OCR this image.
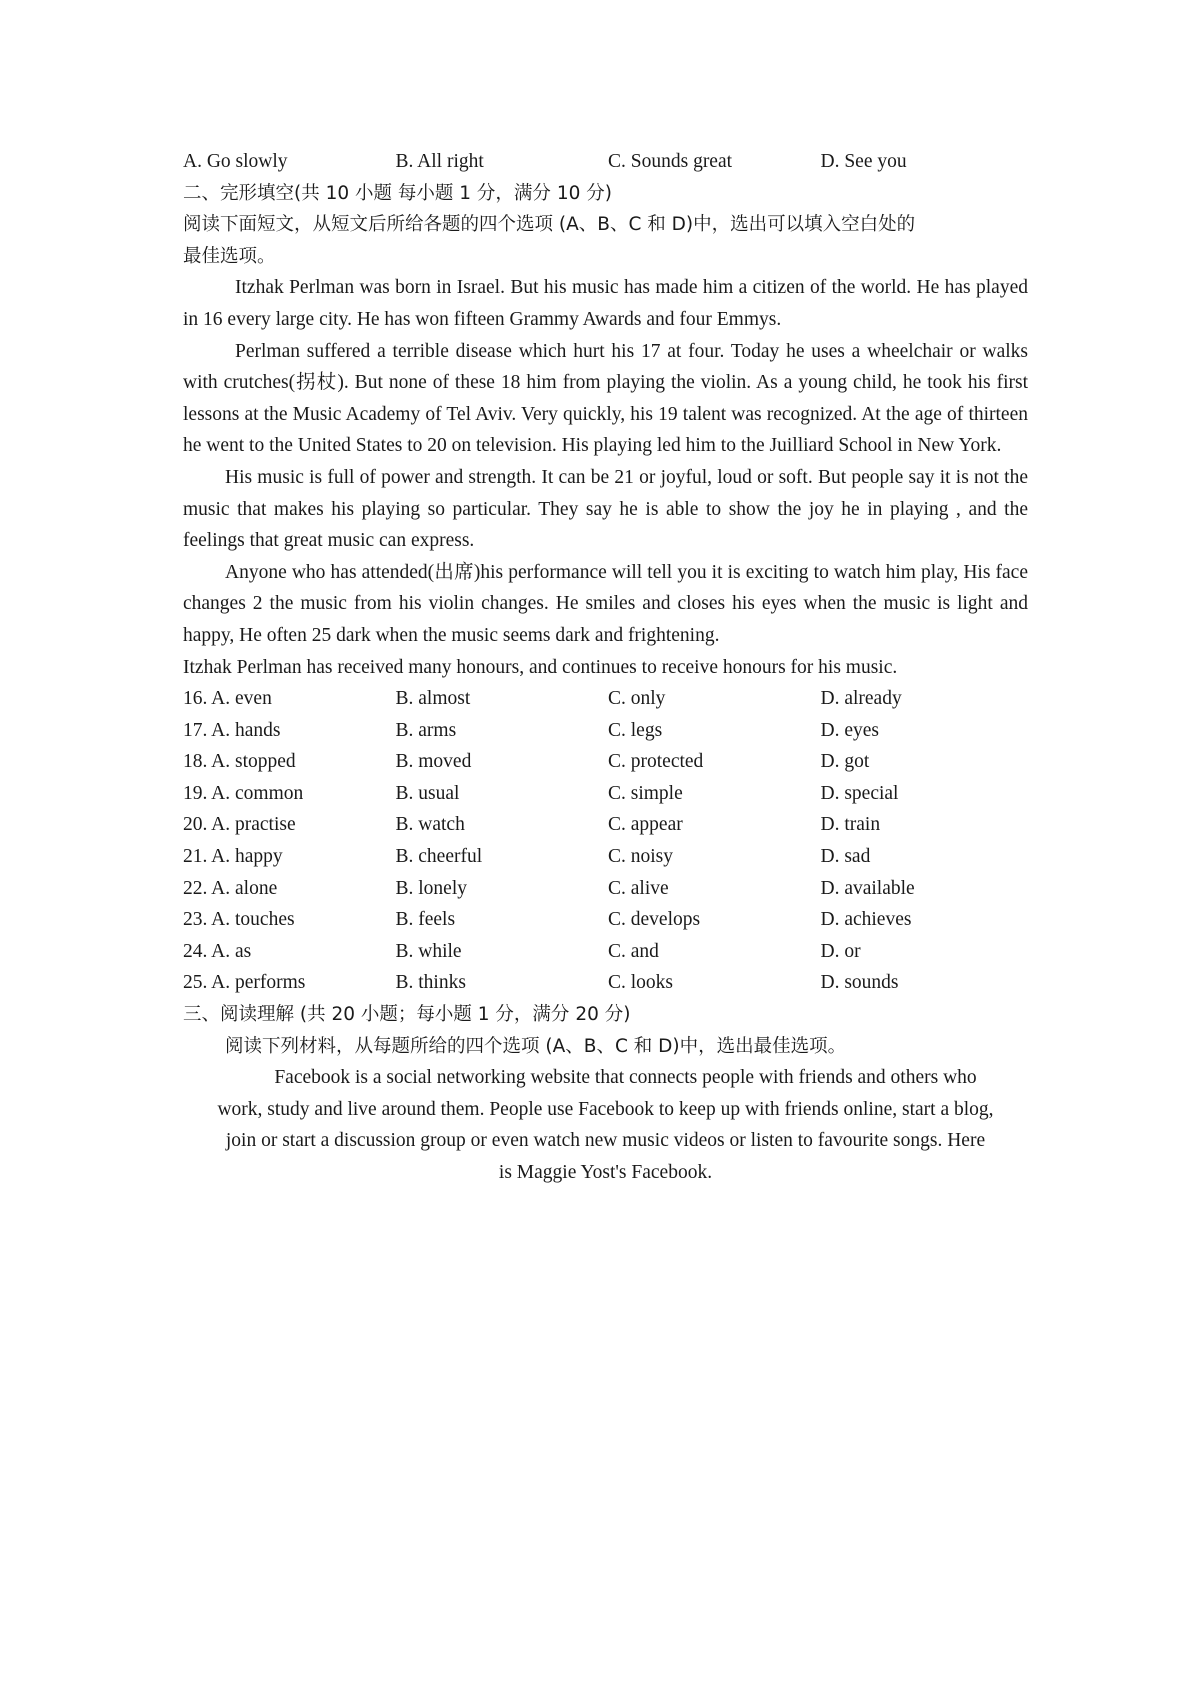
A. Go slowly	B. All right	C. Sounds great	D. See you
二、完形填空(共 10 小题 每小题 1 分，满分 10 分)
阅读下面短文，从短文后所给各题的四个选项 (A、B、C 和 D)中，选出可以填入空白处的
最佳选项。
Itzhak Perlman was born in Israel. But his music has made him a citizen of the world. He has played in 16 every large city. He has won fifteen Grammy Awards and four Emmys.
Perlman suffered a terrible disease which hurt his 17 at four. Today he uses a wheelchair or walks with crutches(拐杖). But none of these 18 him from playing the violin. As a young child, he took his first lessons at the Music Academy of Tel Aviv. Very quickly, his 19 talent was recognized. At the age of thirteen he went to the United States to 20 on television. His playing led him to the Juilliard School in New York.
His music is full of power and strength. It can be 21 or joyful, loud or soft. But people say it is not the music that makes his playing so particular. They say he is able to show the joy he in playing , and the feelings that great music can express.
Anyone who has attended(出席)his performance will tell you it is exciting to watch him play, His face changes 2 the music from his violin changes. He smiles and closes his eyes when the music is light and happy, He often 25 dark when the music seems dark and frightening.
Itzhak Perlman has received many honours, and continues to receive honours for his music.
16. A. even	B. almost	C. only	D. already
17. A. hands	B. arms	C. legs	D. eyes
18. A. stopped	B. moved	C. protected	D. got
19. A. common	B. usual	C. simple	D. special
20. A. practise	B. watch	C. appear	D. train
21. A. happy	B. cheerful	C. noisy	D. sad
22. A. alone	B. lonely	C. alive	D. available
23. A. touches	B. feels	C. develops	D. achieves
24. A. as	B. while	C. and	D. or
25. A. performs	B. thinks	C. looks	D. sounds
三、阅读理解 (共 20 小题；每小题 1 分，满分 20 分)
阅读下列材料，从每题所给的四个选项 (A、B、C 和 D)中，选出最佳选项。
Facebook is a social networking website that connects people with friends and others who
work, study and live around them. People use Facebook to keep up with friends online, start a blog,
join or start a discussion group or even watch new music videos or listen to favourite songs. Here
is Maggie Yost's Facebook.
